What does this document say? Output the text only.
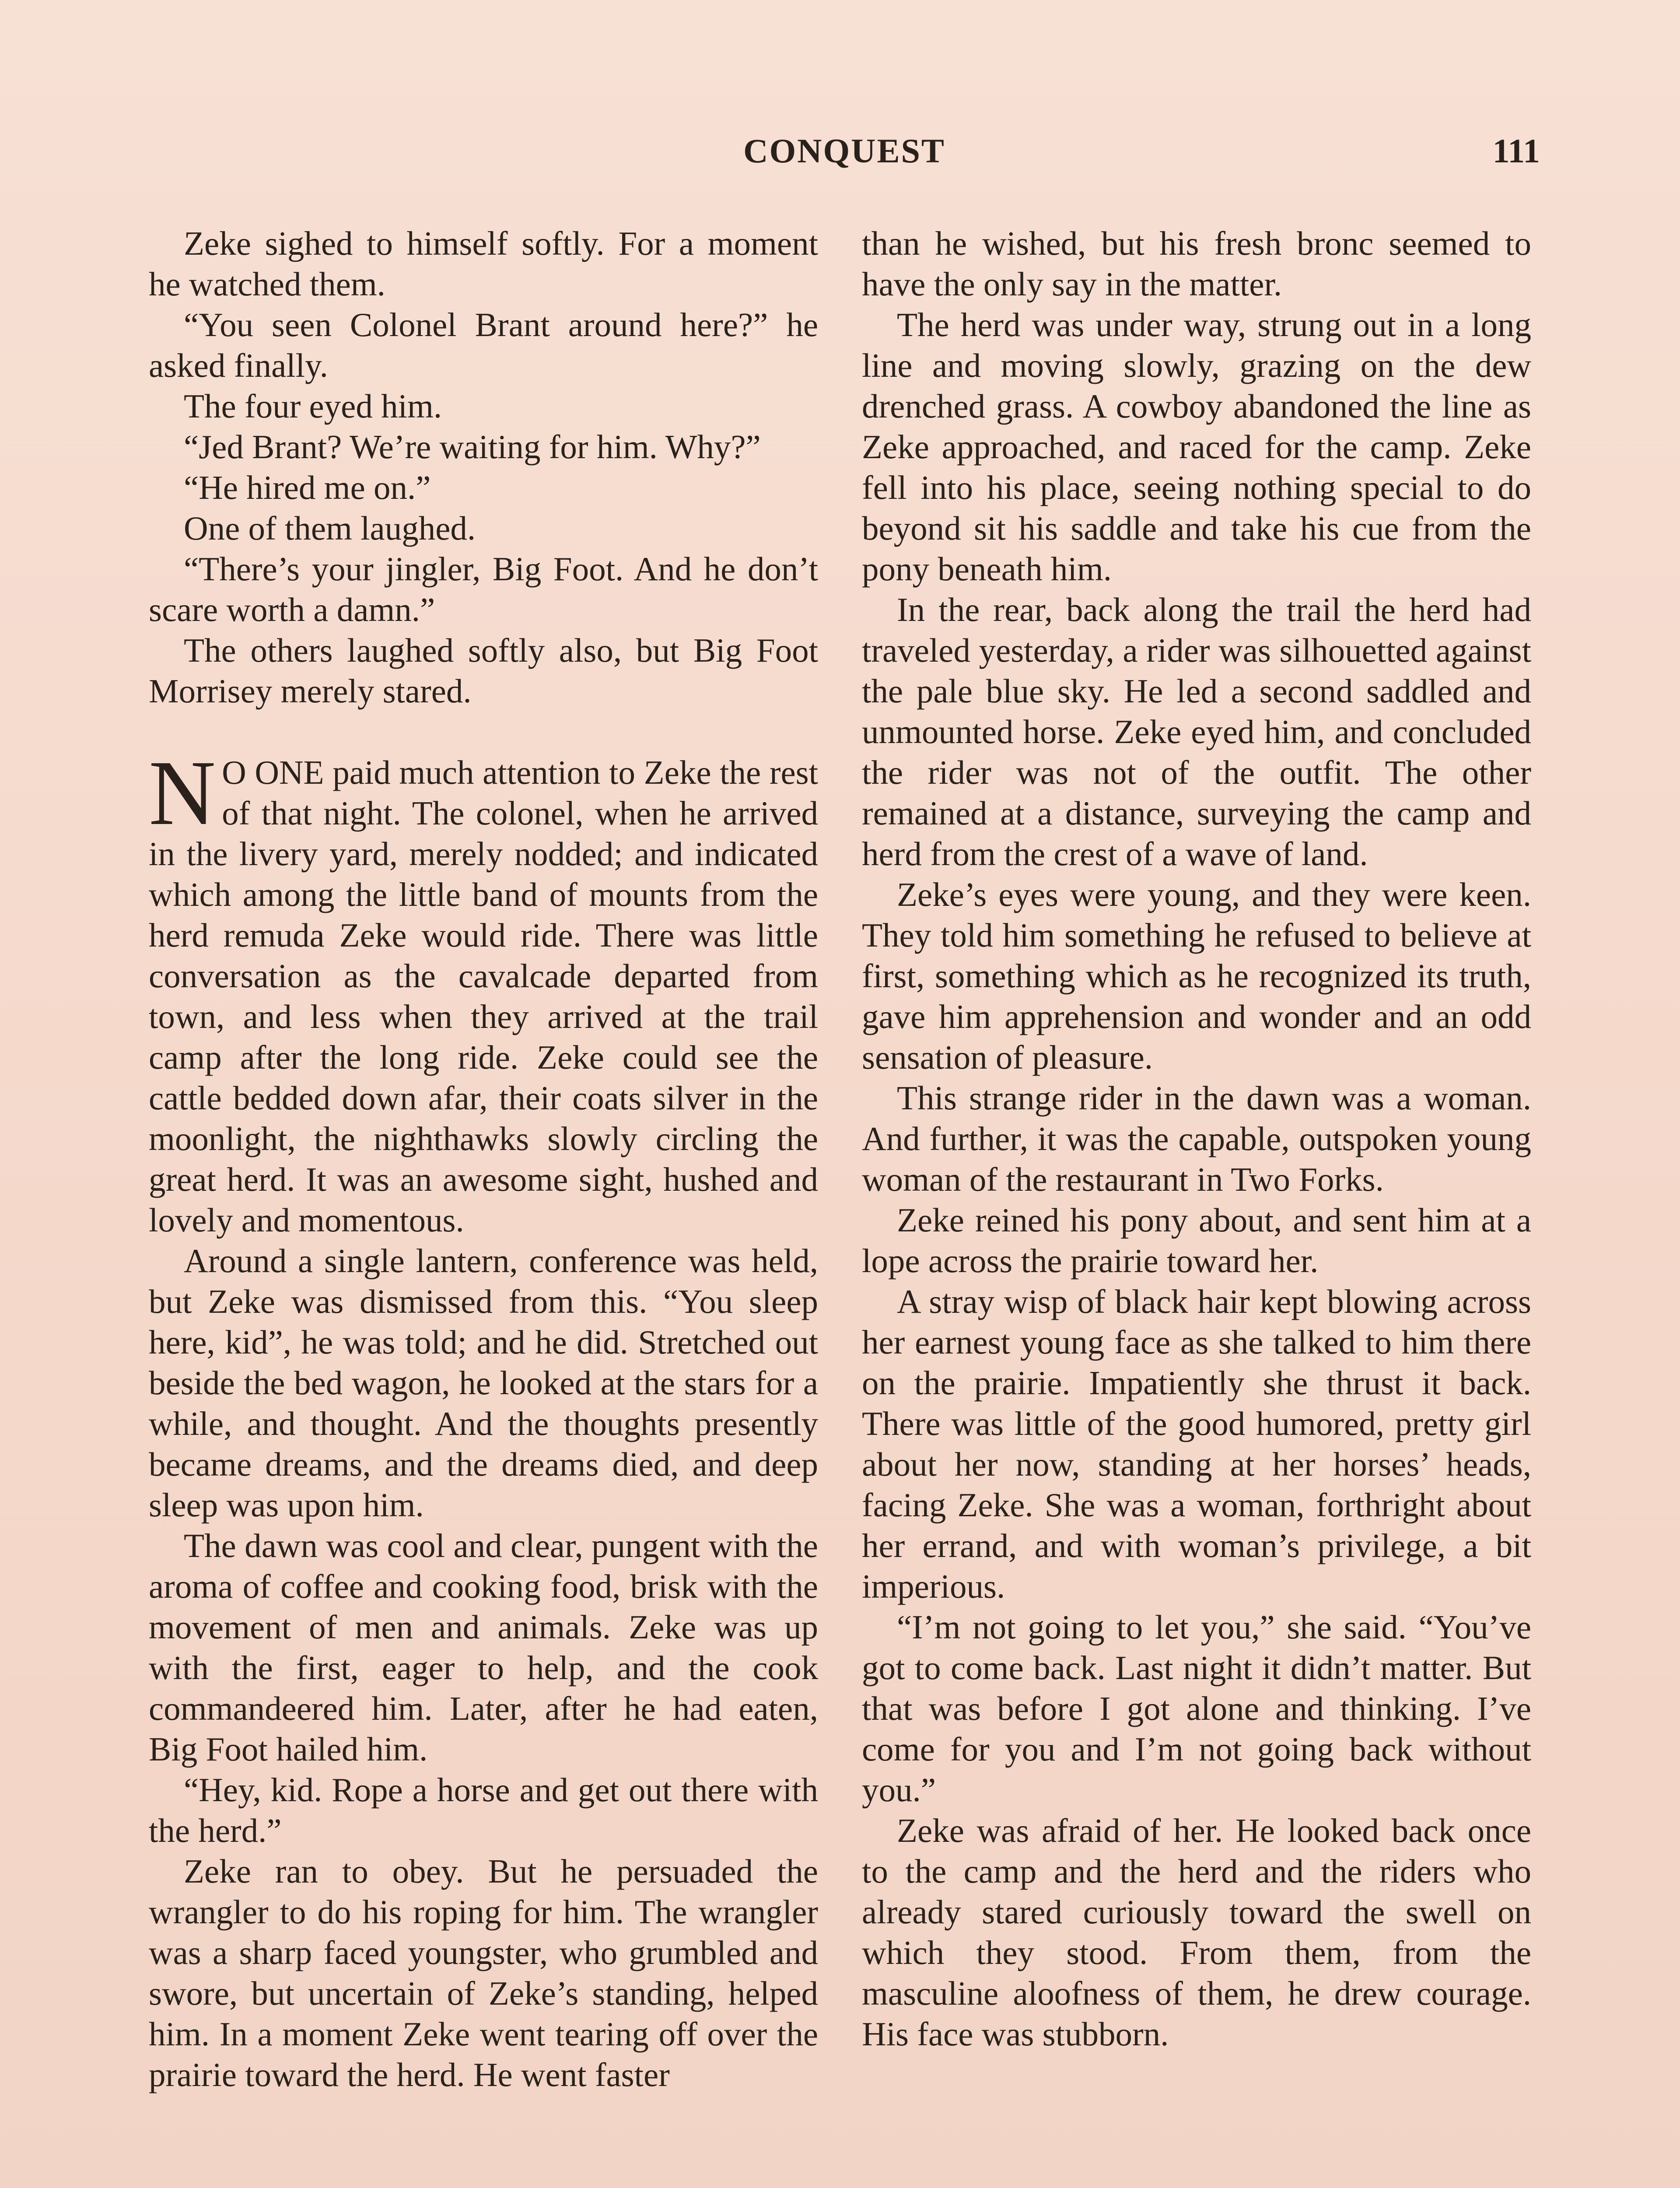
CONQUEST	111

Zeke sighed to himself softly. For a moment he watched them.

“You seen Colonel Brant around here?” he asked finally.

The four eyed him.

“Jed Brant? We’re waiting for him. Why?”

“He hired me on.”

One of them laughed.

“There’s your jingler, Big Foot. And he don’t scare worth a damn.”

The others laughed softly also, but Big Foot Morrisey merely stared.

N O ONE paid much attention to Zeke the rest of that night. The colonel, when he arrived in the livery yard, merely nodded; and indicated which among the little band of mounts from the herd remuda Zeke would ride. There was little conversation as the cavalcade departed from town, and less when they arrived at the trail camp after the long ride. Zeke could see the cattle bedded down afar, their coats silver in the moonlight, the nighthawks slowly circling the great herd. It was an awesome sight, hushed and lovely and momentous.

Around a single lantern, conference was held, but Zeke was dismissed from this. “You sleep here, kid”, he was told; and he did. Stretched out beside the bed wagon, he looked at the stars for a while, and thought. And the thoughts presently became dreams, and the dreams died, and deep sleep was upon him.

The dawn was cool and clear, pungent with the aroma of coffee and cooking food, brisk with the movement of men and animals. Zeke was up with the first, eager to help, and the cook commandeered him. Later, after he had eaten, Big Foot hailed him.

“Hey, kid. Rope a horse and get out there with the herd.”

Zeke ran to obey. But he persuaded the wrangler to do his roping for him. The wrangler was a sharp faced youngster, who grumbled and swore, but uncertain of Zeke’s standing, helped him. In a moment Zeke went tearing off over the prairie toward the herd. He went faster

than he wished, but his fresh bronc seemed to have the only say in the matter.

The herd was under way, strung out in a long line and moving slowly, grazing on the dew drenched grass. A cowboy abandoned the line as Zeke approached, and raced for the camp. Zeke fell into his place, seeing nothing special to do beyond sit his saddle and take his cue from the pony beneath him.

In the rear, back along the trail the herd had traveled yesterday, a rider was silhouetted against the pale blue sky. He led a second saddled and unmounted horse. Zeke eyed him, and concluded the rider was not of the outfit. The other remained at a distance, surveying the camp and herd from the crest of a wave of land.

Zeke’s eyes were young, and they were keen. They told him something he refused to believe at first, something which as he recognized its truth, gave him apprehension and wonder and an odd sensation of pleasure.

This strange rider in the dawn was a woman. And further, it was the capable, outspoken young woman of the restaurant in Two Forks.

Zeke reined his pony about, and sent him at a lope across the prairie toward her.

A stray wisp of black hair kept blowing across her earnest young face as she talked to him there on the prairie. Impatiently she thrust it back. There was little of the good humored, pretty girl about her now, standing at her horses’ heads, facing Zeke. She was a woman, forthright about her errand, and with woman’s privilege, a bit imperious.

“I’m not going to let you,” she said. “You’ve got to come back. Last night it didn’t matter. But that was before I got alone and thinking. I’ve come for you and I’m not going back without you.”

Zeke was afraid of her. He looked back once to the camp and the herd and the riders who already stared curiously toward the swell on which they stood. From them, from the masculine aloofness of them, he drew courage. His face was stubborn.
